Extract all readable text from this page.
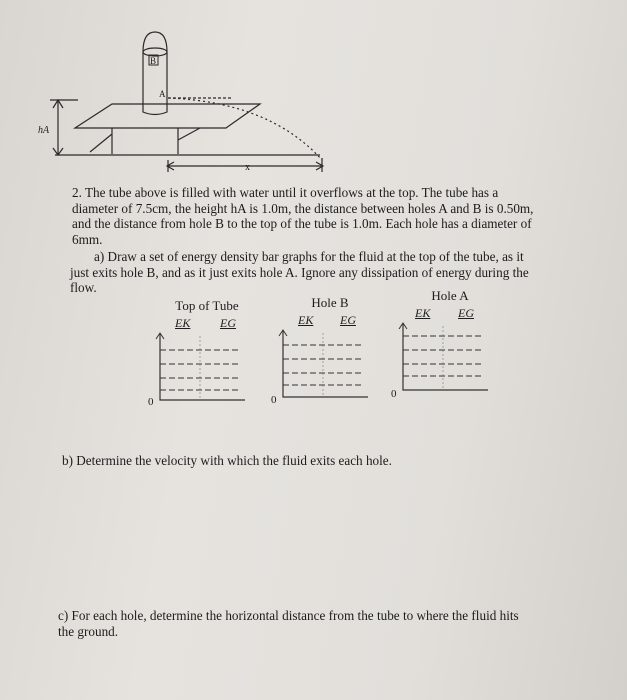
B
A
hA
x
2. The tube above is filled with water until it overflows at the top. The tube has a
diameter of 7.5cm, the height hA is 1.0m, the distance between holes A and B is 0.50m,
and the distance from hole B to the top of the tube is 1.0m. Each hole has a diameter of
6mm.
a) Draw a set of energy density bar graphs for the fluid at the top of the tube, as it
just exits hole B, and as it just exits hole A. Ignore any dissipation of energy during the
flow.
Top of Tube
EK EG
0
Hole B
EK EG
0
Hole A
EK EG
0
b) Determine the velocity with which the fluid exits each hole.
c) For each hole, determine the horizontal distance from the tube to where the fluid hits
the ground.
